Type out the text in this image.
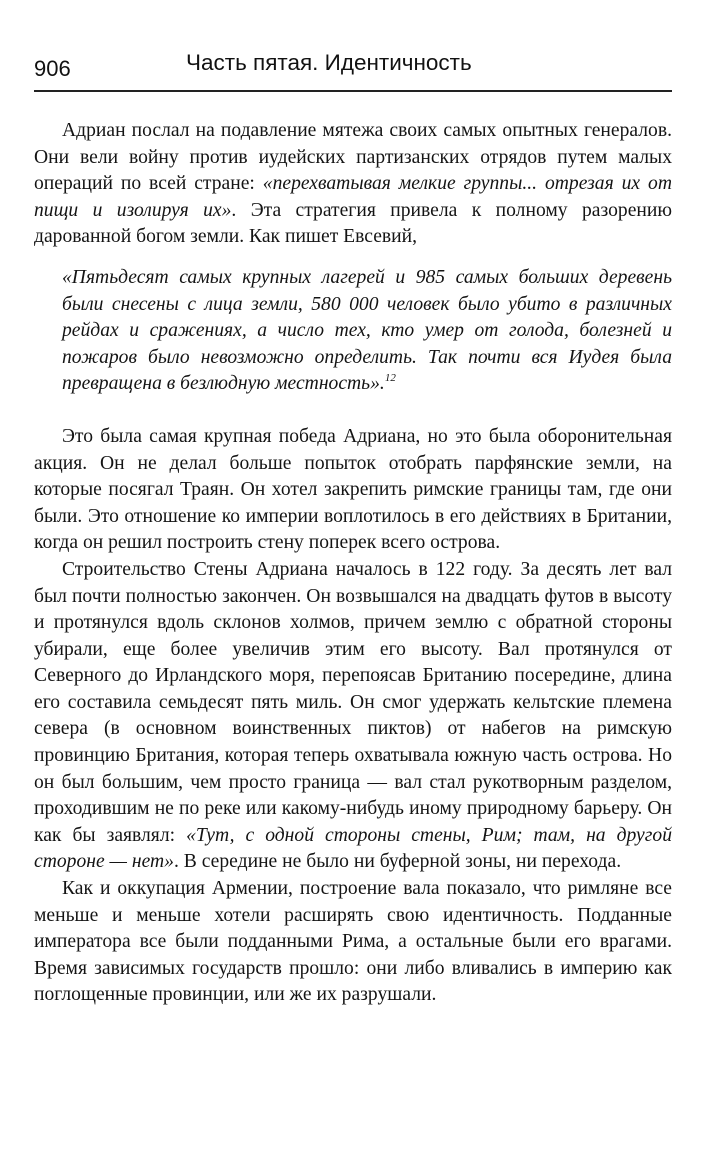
906	Часть пятая. Идентичность

Адриан послал на подавление мятежа своих самых опытных генералов. Они вели войну против иудейских партизанских отрядов путем малых операций по всей стране: «перехватывая мелкие группы... отрезая их от пищи и изолируя их». Эта стратегия привела к полному разорению дарованной богом земли. Как пишет Евсевий,

«Пятьдесят самых крупных лагерей и 985 самых больших деревень были снесены с лица земли, 580 000 человек было убито в различных рейдах и сражениях, а число тех, кто умер от голода, болезней и пожаров было невозможно определить. Так почти вся Иудея была превращена в безлюдную местность».$^{12}$

Это была самая крупная победа Адриана, но это была оборонительная акция. Он не делал больше попыток отобрать парфянские земли, на которые посягал Траян. Он хотел закрепить римские границы там, где они были. Это отношение ко империи воплотилось в его действиях в Британии, когда он решил построить стену поперек всего острова.

Строительство Стены Адриана началось в 122 году. За десять лет вал был почти полностью закончен. Он возвышался на двадцать футов в высоту и протянулся вдоль склонов холмов, причем землю с обратной стороны убирали, еще более увеличив этим его высоту. Вал протянулся от Северного до Ирландского моря, перепоясав Британию посередине, длина его составила семьдесят пять миль. Он смог удержать кельтские племена севера (в основном воинственных пиктов) от набегов на римскую провинцию Британия, которая теперь охватывала южную часть острова. Но он был большим, чем просто граница — вал стал рукотворным разделом, проходившим не по реке или какому-нибудь иному природному барьеру. Он как бы заявлял: «Тут, с одной стороны стены, Рим; там, на другой стороне — нет». В середине не было ни буферной зоны, ни перехода.

Как и оккупация Армении, построение вала показало, что римляне все меньше и меньше хотели расширять свою идентичность. Подданные императора все были подданными Рима, а остальные были его врагами. Время зависимых государств прошло: они либо вливались в империю как поглощенные провинции, или же их разрушали.
